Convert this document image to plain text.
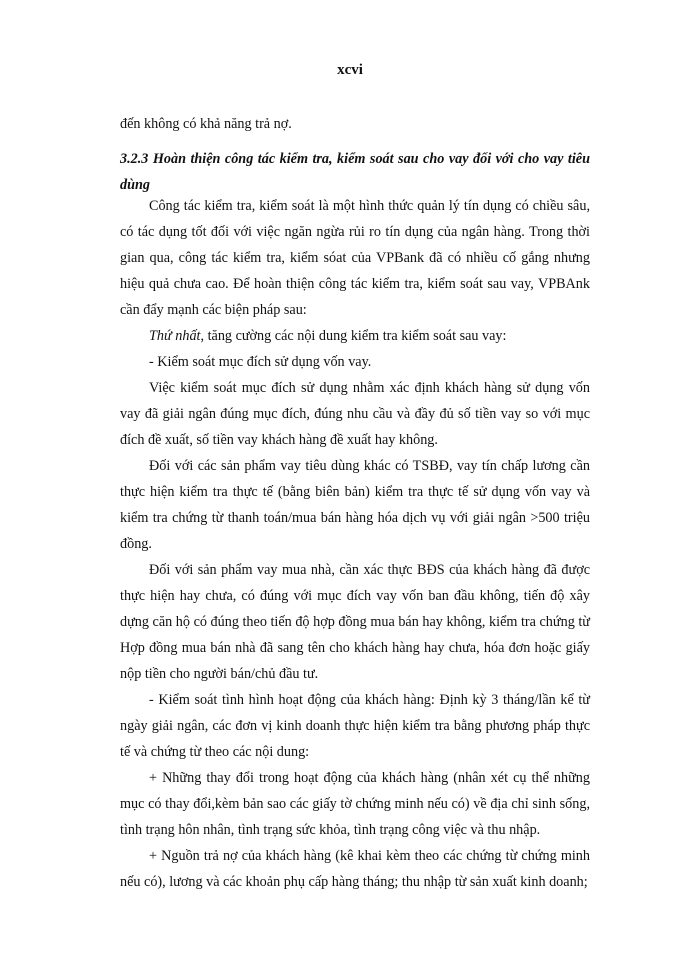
xcvi

đến không có khả năng trả nợ.

3.2.3 Hoàn thiện công tác kiểm tra, kiểm soát sau cho vay đối với cho vay tiêu dùng

Công tác kiểm tra, kiểm soát là một hình thức quản lý tín dụng có chiều sâu, có tác dụng tốt đối với việc ngăn ngừa rủi ro tín dụng của ngân hàng. Trong thời gian qua, công tác kiểm tra, kiểm sóat của VPBank đã có nhiều cố gắng nhưng hiệu quả chưa cao. Để hoàn thiện công tác kiểm tra, kiểm soát sau vay, VPBAnk cần đẩy mạnh các biện pháp sau:

Thứ nhất, tăng cường các nội dung kiểm tra kiểm soát sau vay:

- Kiểm soát mục đích sử dụng vốn vay.

Việc kiểm soát mục đích sử dụng nhằm xác định khách hàng sử dụng vốn vay đã giải ngân đúng mục đích, đúng nhu cầu và đầy đủ số tiền vay so với mục đích đề xuất, số tiền vay khách hàng đề xuất hay không.

Đối với các sản phẩm vay tiêu dùng khác có TSBĐ, vay tín chấp lương cần thực hiện kiểm tra thực tế (bằng biên bản) kiểm tra thực tế sử dụng vốn vay và kiểm tra chứng từ thanh toán/mua bán hàng hóa dịch vụ với giải ngân >500 triệu đồng.

Đối với sản phẩm vay mua nhà, cần xác thực BĐS của khách hàng đã được thực hiện hay chưa, có đúng với mục đích vay vốn ban đầu không, tiến độ xây dựng căn hộ có đúng theo tiến độ hợp đồng mua bán hay không, kiểm tra chứng từ Hợp đồng mua bán nhà đã sang tên cho khách hàng hay chưa, hóa đơn hoặc giấy nộp tiền cho người bán/chủ đầu tư.

- Kiểm soát tình hình hoạt động của khách hàng: Định kỳ 3 tháng/lần kể từ ngày giải ngân, các đơn vị kinh doanh thực hiện kiểm tra bằng phương pháp thực tế và chứng từ theo các nội dung:

+ Những thay đổi trong hoạt động của khách hàng (nhân xét cụ thể những mục có thay đổi,kèm bản sao các giấy tờ chứng minh nếu có) về địa chỉ sinh sống, tình trạng hôn nhân, tình trạng sức khỏa, tình trạng công việc và thu nhập.

+ Nguồn trả nợ của khách hàng (kê khai kèm theo các chứng từ chứng minh nếu có), lương và các khoản phụ cấp hàng tháng; thu nhập từ sản xuất kinh doanh;
